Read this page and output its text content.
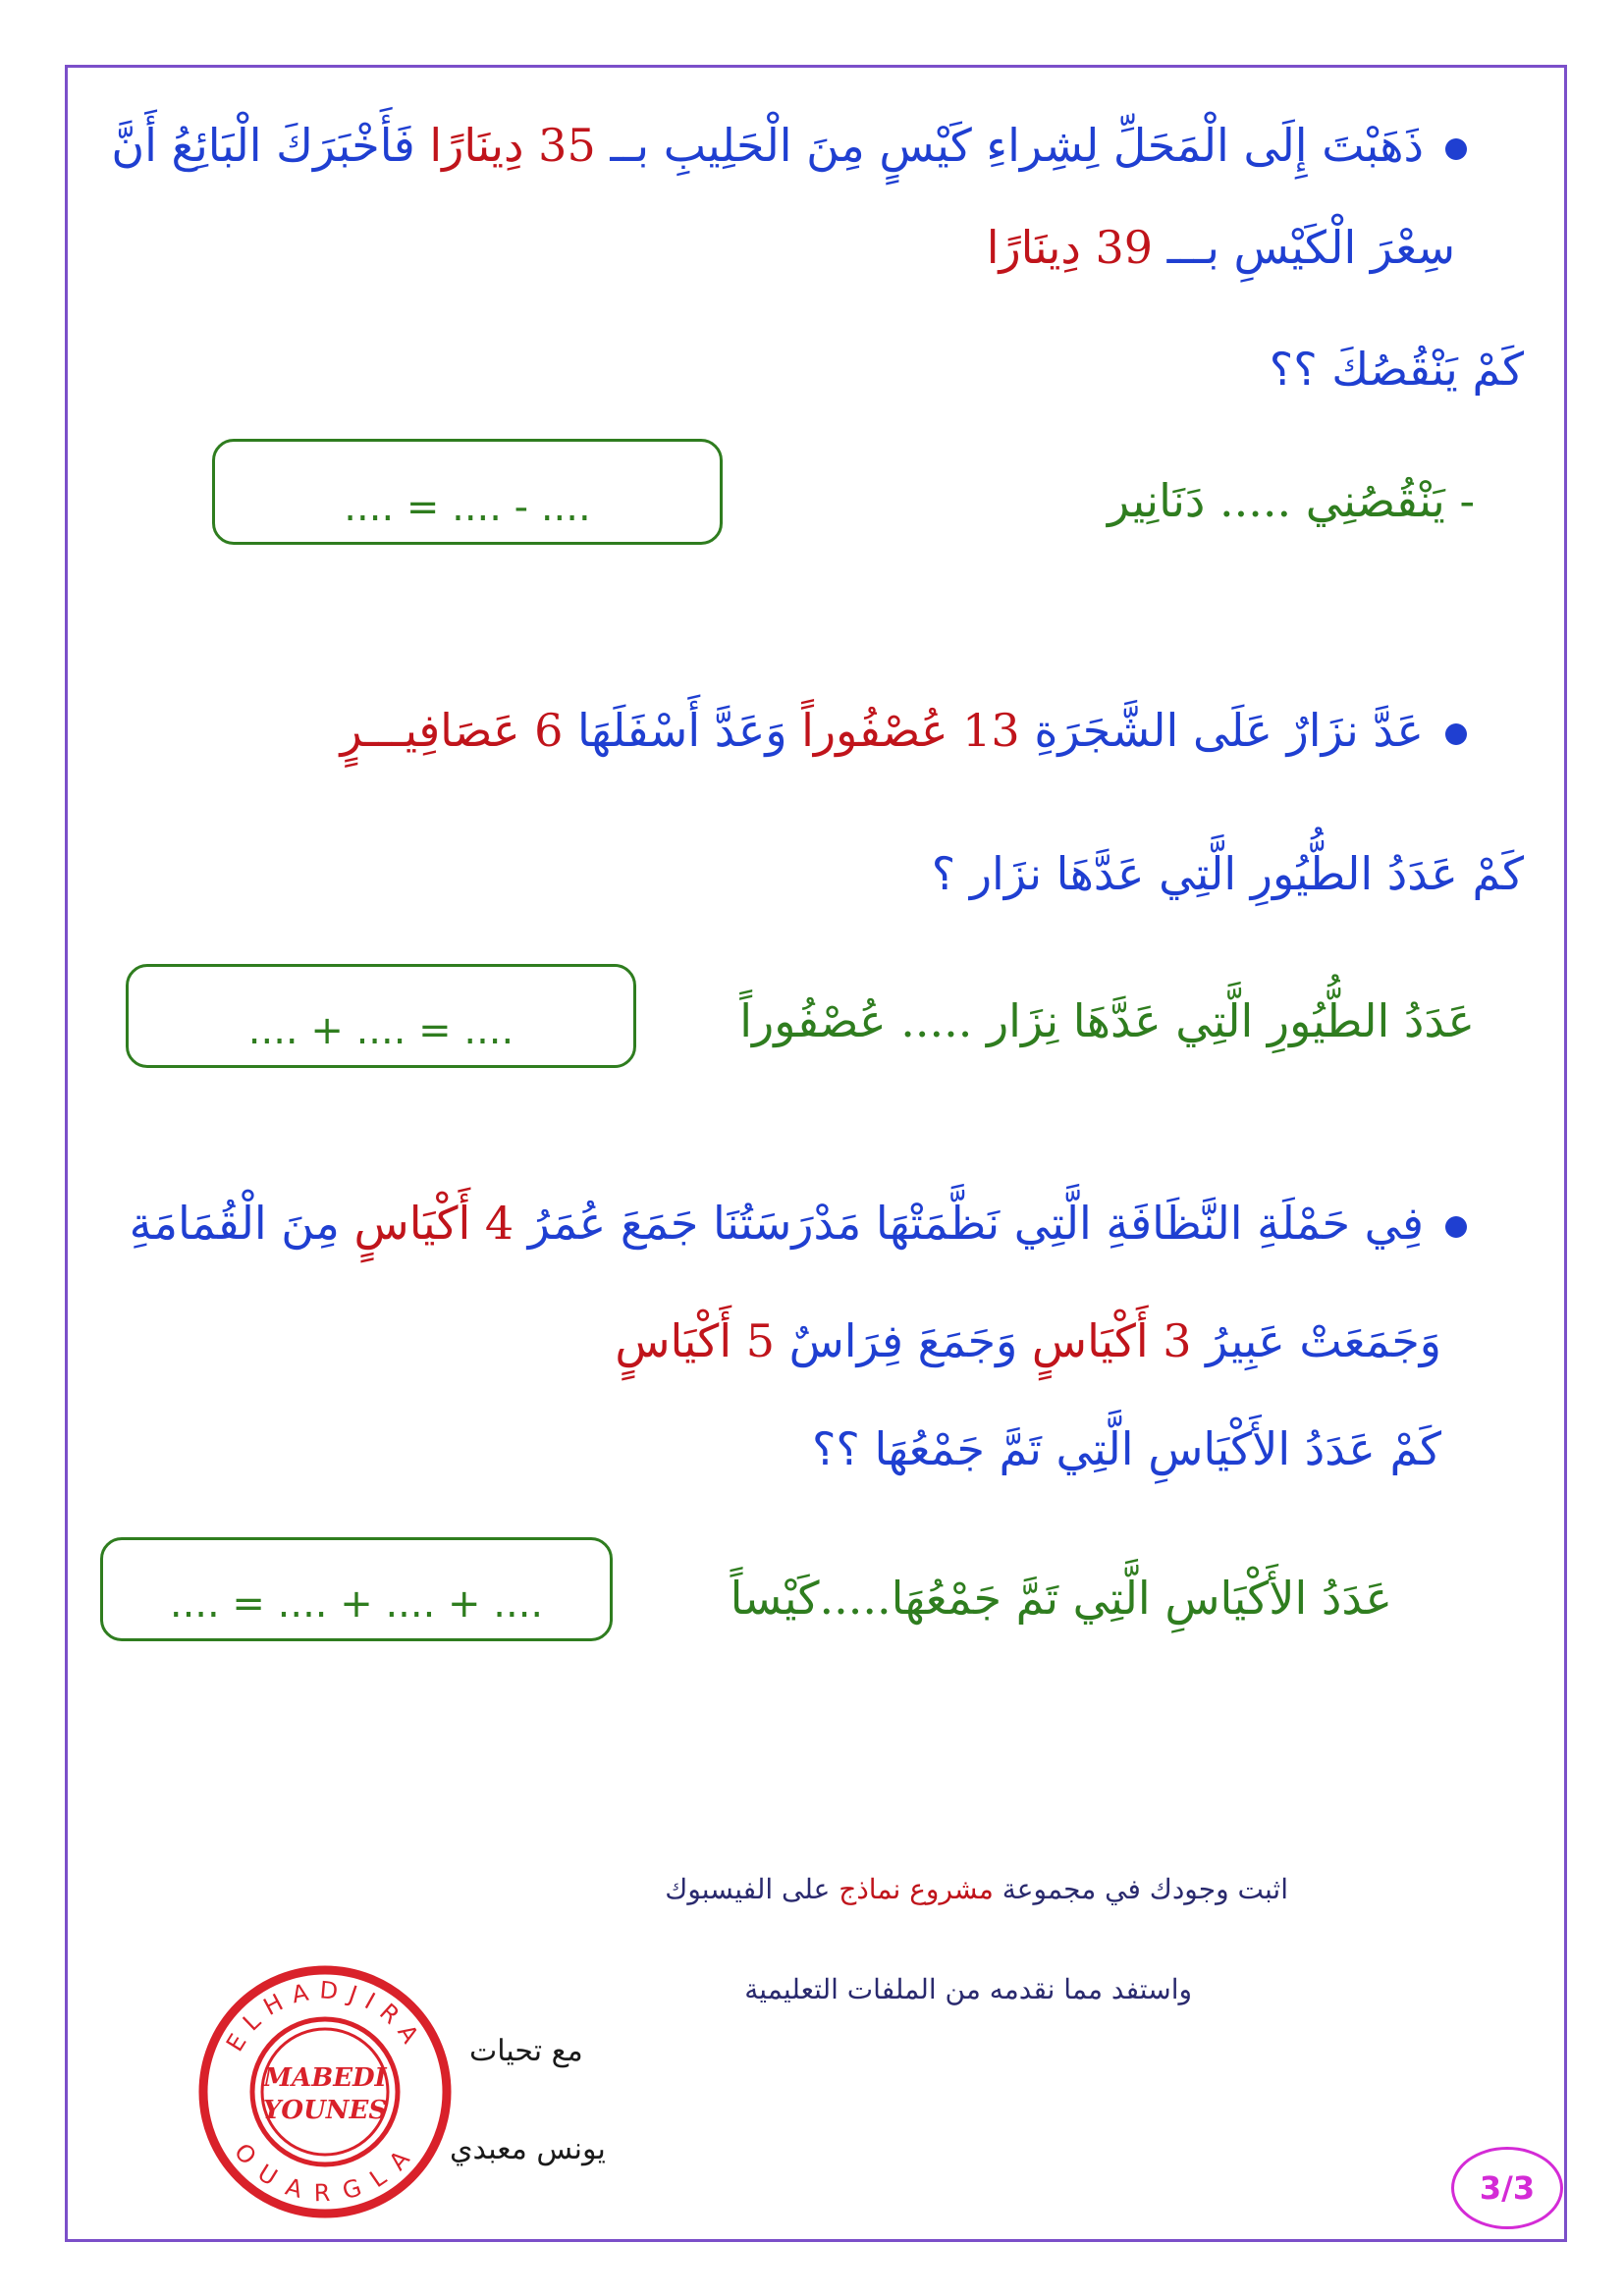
ذَهَبْتَ إِلَى الْمَحَلِّ لِشِراءِ كَيْسٍ مِنَ الْحَلِيبِ بــ 35 دِينَارًا فَأَخْبَرَكَ الْبَائِعُ أَنَّ
سِعْرَ الْكَيْسِ بـــ 39 دِينَارًا
كَمْ يَنْقُصُكَ ؟؟
- يَنْقُصُنِي ..... دَنَانِير
.... = .... - ....
عَدَّ نزَارٌ عَلَى الشَّجَرَةِ 13 عُصْفُوراً وَعَدَّ أَسْفَلَهَا 6 عَصَافِيـــرٍ
كَمْ عَدَدُ الطُّيُورِ الَّتِي عَدَّهَا نزَار ؟
عَدَدُ الطُّيُورِ الَّتِي عَدَّهَا نِزَار ..... عُصْفُوراً
.... + .... = ....
فِي حَمْلَةِ النَّظَافَةِ الَّتِي نَظَّمَتْهَا مَدْرَسَتُنَا جَمَعَ عُمَرُ 4 أَكْيَاسٍ مِنَ الْقُمَامَةِ
وَجَمَعَتْ عَبِيرُ 3 أَكْيَاسٍ وَجَمَعَ فِرَاسٌ 5 أَكْيَاسٍ
كَمْ عَدَدُ الأَكْيَاسِ الَّتِي تَمَّ جَمْعُهَا ؟؟
عَدَدُ الأَكْيَاسِ الَّتِي تَمَّ جَمْعُهَا.....كَيْساً
.... = .... + .... + ....
اثبت وجودك في مجموعة مشروع نماذج على الفيسبوك
واستفد مما نقدمه من الملفات التعليمية
مع تحيات
يونس معبدي
ELHADJIRA
OUARGLA
MABEDI
YOUNES
3/3
